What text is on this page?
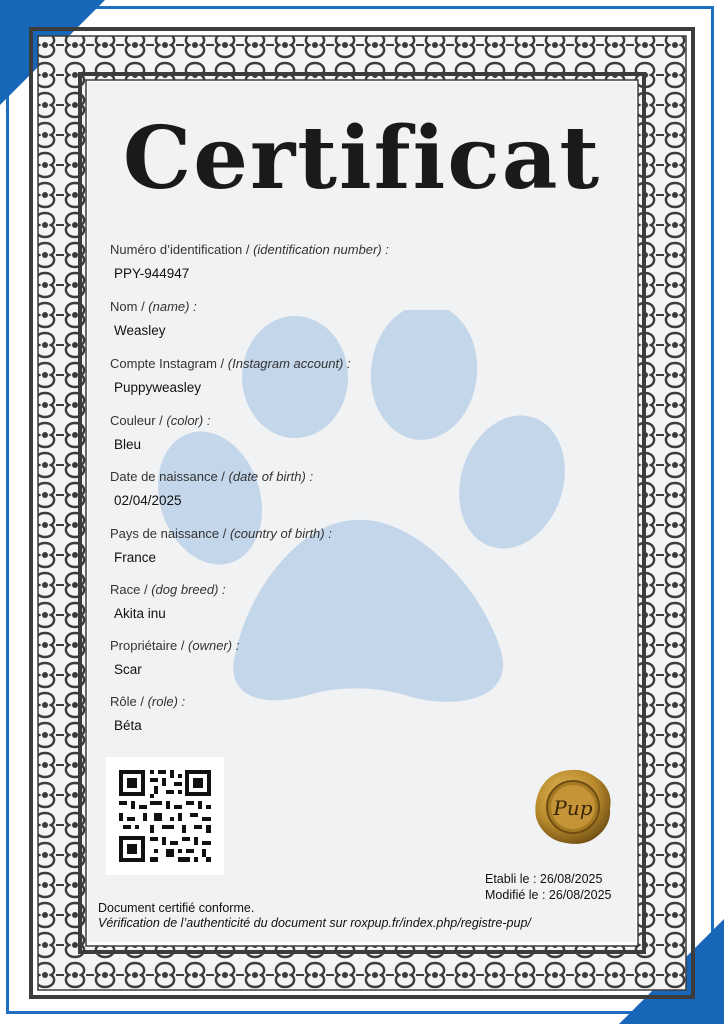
Certificat
Numéro d’identification / (identification number) :
PPY-944947
Nom / (name) :
Weasley
Compte Instagram / (Instagram account) :
Puppyweasley
Couleur / (color) :
Bleu
Date de naissance / (date of birth) :
02/04/2025
Pays de naissance / (country of birth) :
France
Race / (dog breed) :
Akita inu
Propriétaire / (owner) :
Scar
Rôle / (role) :
Béta
Pup
Etabli le : 26/08/2025
Modifié le : 26/08/2025
Document certifié conforme.
Vérification de l’authenticité du document sur roxpup.fr/index.php/registre-pup/
